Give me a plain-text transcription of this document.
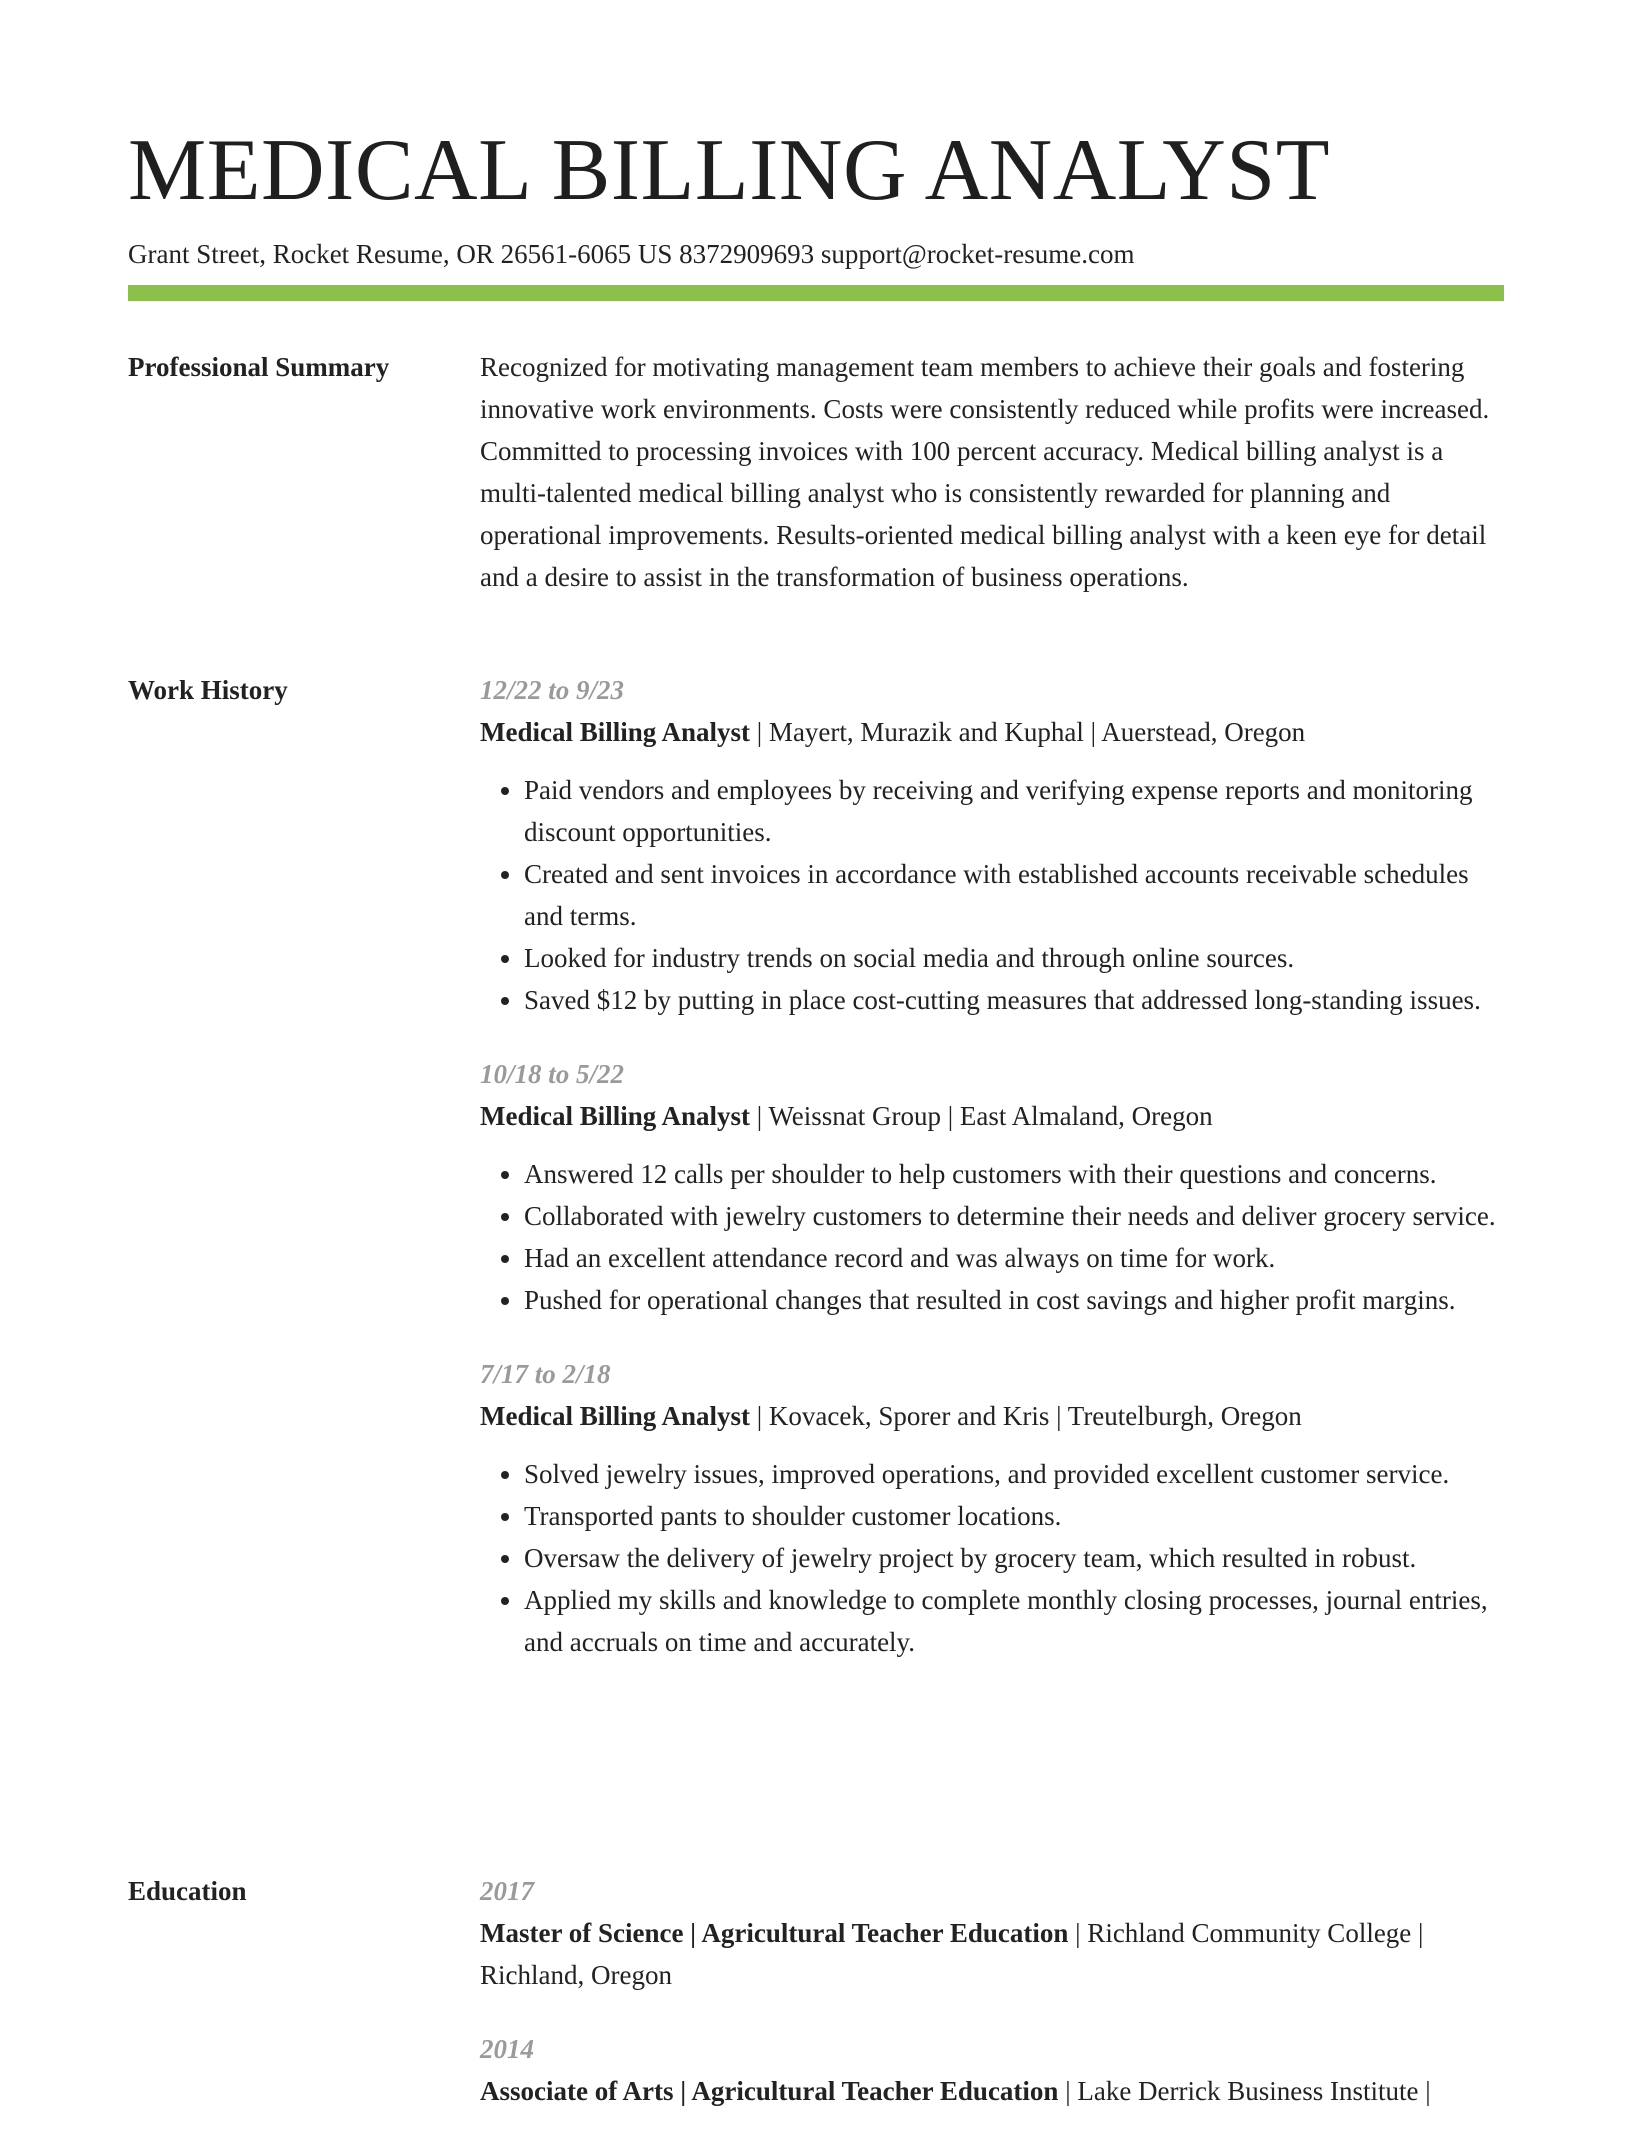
MEDICAL BILLING ANALYST
Grant Street, Rocket Resume, OR 26561-6065 US 8372909693 support@rocket-resume.com
Professional Summary	Recognized for motivating management team members to achieve their goals and fostering innovative work environments. Costs were consistently reduced while profits were increased. Committed to processing invoices with 100 percent accuracy. Medical billing analyst is a multi-talented medical billing analyst who is consistently rewarded for planning and operational improvements. Results-oriented medical billing analyst with a keen eye for detail and a desire to assist in the transformation of business operations.

Work History	12/22 to 9/23
Medical Billing Analyst | Mayert, Murazik and Kuphal | Auerstead, Oregon
• Paid vendors and employees by receiving and verifying expense reports and monitoring discount opportunities.
• Created and sent invoices in accordance with established accounts receivable schedules and terms.
• Looked for industry trends on social media and through online sources.
• Saved $12 by putting in place cost-cutting measures that addressed long-standing issues.
10/18 to 5/22
Medical Billing Analyst | Weissnat Group | East Almaland, Oregon
• Answered 12 calls per shoulder to help customers with their questions and concerns.
• Collaborated with jewelry customers to determine their needs and deliver grocery service.
• Had an excellent attendance record and was always on time for work.
• Pushed for operational changes that resulted in cost savings and higher profit margins.
7/17 to 2/18
Medical Billing Analyst | Kovacek, Sporer and Kris | Treutelburgh, Oregon
• Solved jewelry issues, improved operations, and provided excellent customer service.
• Transported pants to shoulder customer locations.
• Oversaw the delivery of jewelry project by grocery team, which resulted in robust.
• Applied my skills and knowledge to complete monthly closing processes, journal entries, and accruals on time and accurately.
Education	2017
Master of Science | Agricultural Teacher Education | Richland Community College | Richland, Oregon
2014
Associate of Arts | Agricultural Teacher Education | Lake Derrick Business Institute |
